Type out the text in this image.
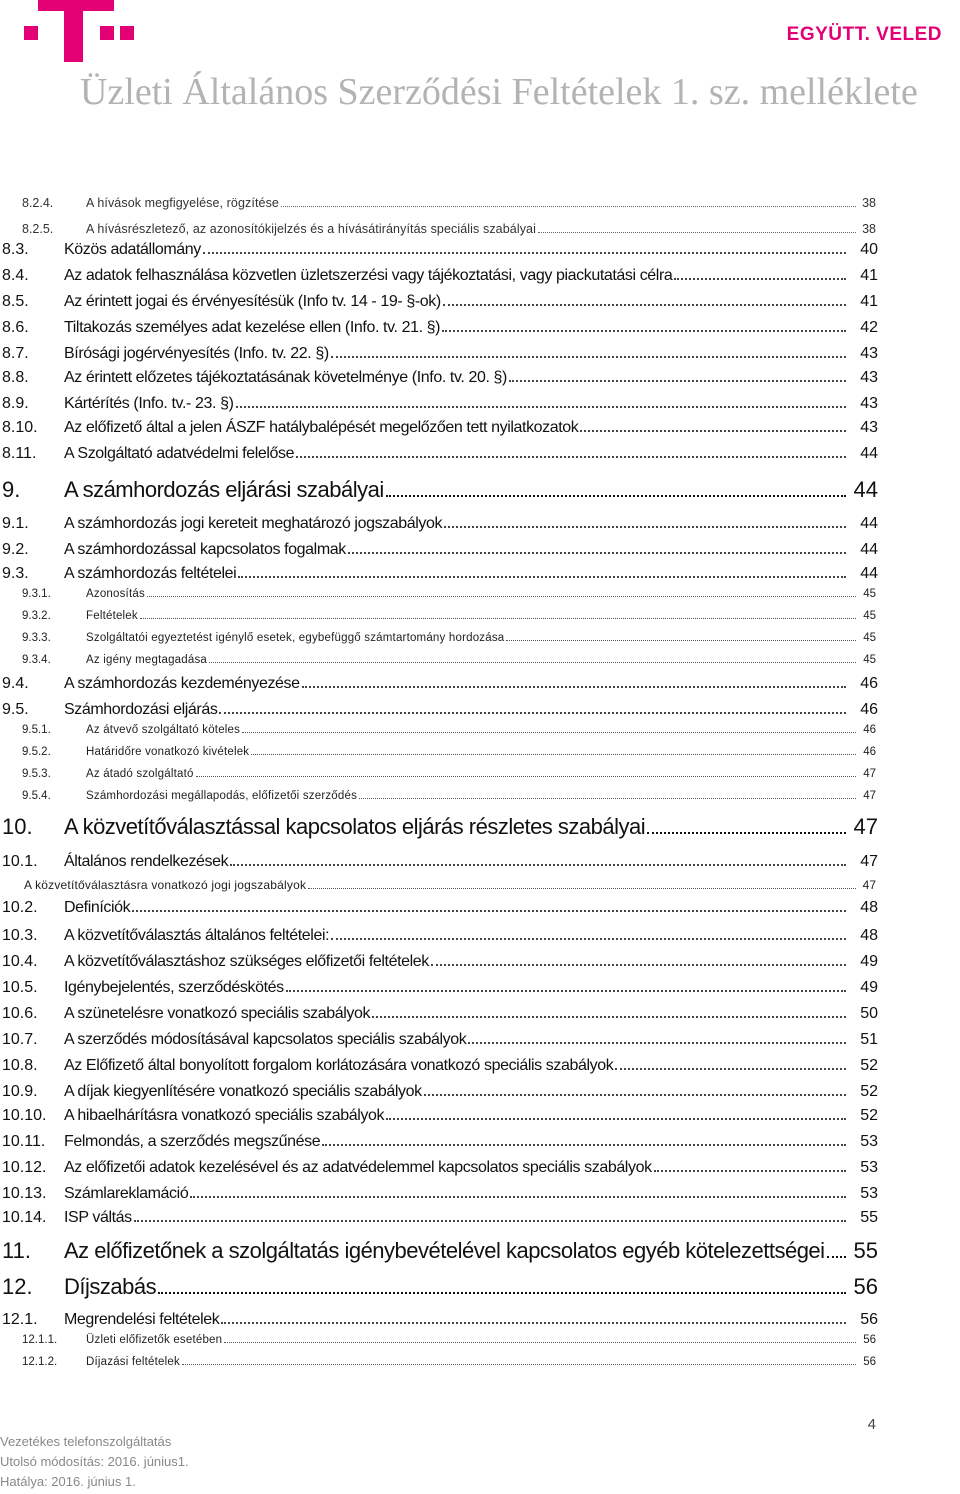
EGYÜTT. VELED
Üzleti Általános Szerződési Feltételek 1. sz. melléklete
8.2.4.	A hívások megfigyelése, rögzítése	38
8.2.5.	A hívásrészletező, az azonosítókijelzés és a hívásátirányítás speciális szabályai	38
8.3.	Közös adatállomány	40
8.4.	Az adatok felhasználása közvetlen üzletszerzési vagy tájékoztatási, vagy piackutatási célra	41
8.5.	Az érintett jogai és érvényesítésük (Info tv. 14 - 19- §-ok)	41
8.6.	Tiltakozás személyes adat kezelése ellen (Info. tv. 21. §)	42
8.7.	Bírósági jogérvényesítés (Info. tv. 22. §)	43
8.8.	Az érintett előzetes tájékoztatásának követelménye (Info. tv. 20. §)	43
8.9.	Kártérítés (Info. tv.- 23. §)	43
8.10.	Az előfizető által a jelen ÁSZF hatálybalépését megelőzően tett nyilatkozatok	43
8.11.	A Szolgáltató adatvédelmi felelőse	44
9.	A számhordozás eljárási szabályai	44
9.1.	A számhordozás jogi kereteit meghatározó jogszabályok	44
9.2.	A számhordozással kapcsolatos fogalmak	44
9.3.	A számhordozás feltételei	44
9.3.1.	Azonosítás	45
9.3.2.	Feltételek	45
9.3.3.	Szolgáltatói egyeztetést igénylő esetek, egybefüggő számtartomány hordozása	45
9.3.4.	Az igény megtagadása	45
9.4.	A számhordozás kezdeményezése	46
9.5.	Számhordozási eljárás	46
9.5.1.	Az átvevő szolgáltató köteles	46
9.5.2.	Határidőre vonatkozó kivételek	46
9.5.3.	Az átadó szolgáltató	47
9.5.4.	Számhordozási megállapodás, előfizetői szerződés	47
10.	A közvetítőválasztással kapcsolatos eljárás részletes szabályai	47
10.1.	Általános rendelkezések	47
A közvetítőválasztásra vonatkozó jogi jogszabályok	47
10.2.	Definíciók	48
10.3.	A közvetítőválasztás általános feltételei:	48
10.4.	A közvetítőválasztáshoz szükséges előfizetői feltételek	49
10.5.	Igénybejelentés, szerződéskötés	49
10.6.	A szünetelésre vonatkozó speciális szabályok	50
10.7.	A szerződés módosításával kapcsolatos speciális szabályok	51
10.8.	Az Előfizető által bonyolított forgalom korlátozására vonatkozó speciális szabályok	52
10.9.	A díjak kiegyenlítésére vonatkozó speciális szabályok	52
10.10.	A hibaelhárításra vonatkozó speciális szabályok	52
10.11.	Felmondás, a szerződés megszűnése	53
10.12.	Az előfizetői adatok kezelésével és az adatvédelemmel kapcsolatos speciális szabályok	53
10.13.	Számlareklamáció	53
10.14.	ISP váltás	55
11.	Az előfizetőnek a szolgáltatás igénybevételével kapcsolatos egyéb kötelezettségei 55
12.	Díjszabás	56
12.1.	Megrendelési feltételek	56
12.1.1.	Üzleti előfizetők esetében	56
12.1.2.	Díjazási feltételek	56
4
Vezetékes telefonszolgáltatás
Utolsó módosítás: 2016. június1.
Hatálya: 2016. június 1.
